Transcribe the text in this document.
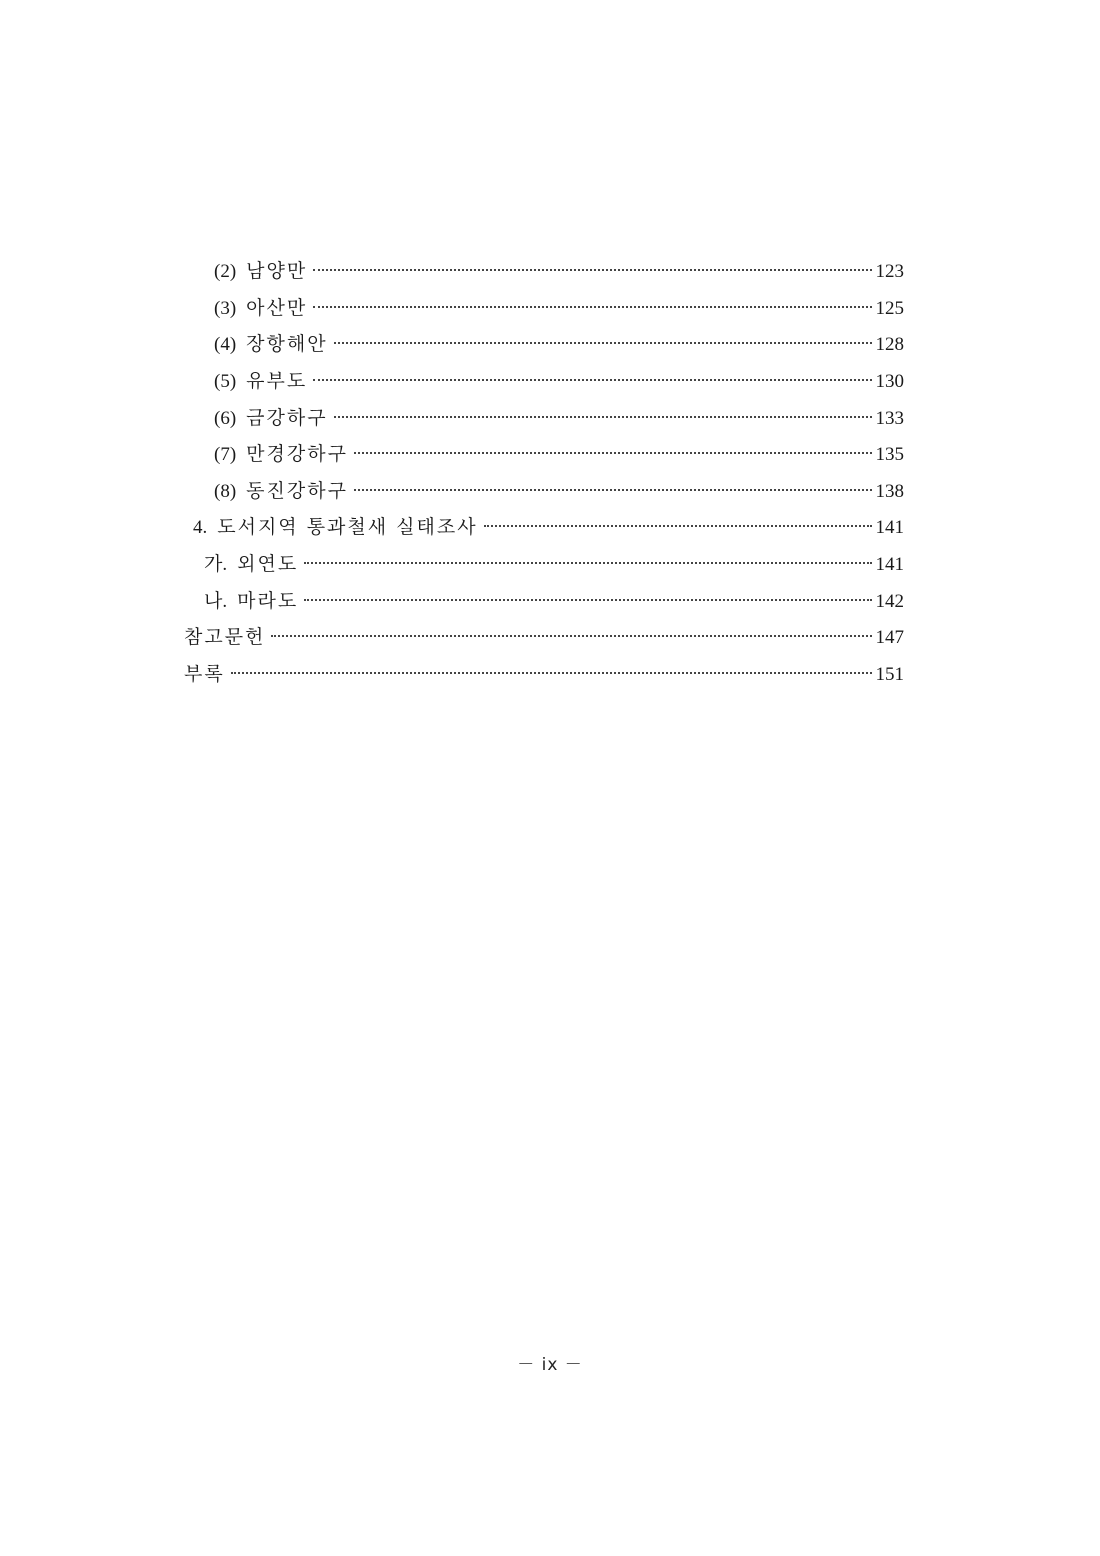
(2) 남양만	123
(3) 아산만	125
(4) 장항해안	128
(5) 유부도	130
(6) 금강하구	133
(7) 만경강하구	135
(8) 동진강하구	138
4. 도서지역 통과철새 실태조사	141
가. 외연도	141
나. 마라도	142
참고문헌	147
부록	151
－ ix －
